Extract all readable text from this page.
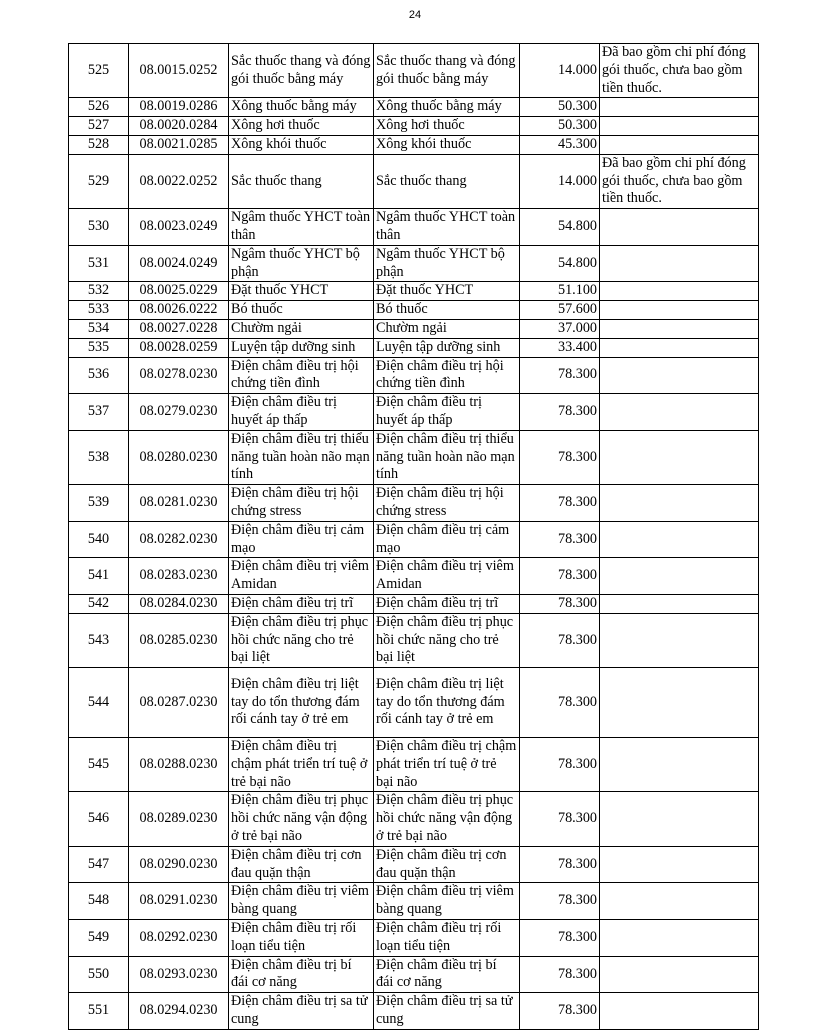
24
525	08.0015.0252	Sắc thuốc thang và đóng gói thuốc bằng máy	Sắc thuốc thang và đóng gói thuốc bằng máy	14.000	Đã bao gồm chi phí đóng gói thuốc, chưa bao gồm tiền thuốc.
526	08.0019.0286	Xông thuốc bằng máy	Xông thuốc bằng máy	50.300	
527	08.0020.0284	Xông hơi thuốc	Xông hơi thuốc	50.300	
528	08.0021.0285	Xông khói thuốc	Xông khói thuốc	45.300	
529	08.0022.0252	Sắc thuốc thang	Sắc thuốc thang	14.000	Đã bao gồm chi phí đóng gói thuốc, chưa bao gồm tiền thuốc.
530	08.0023.0249	Ngâm thuốc YHCT toàn thân	Ngâm thuốc YHCT toàn thân	54.800	
531	08.0024.0249	Ngâm thuốc YHCT bộ phận	Ngâm thuốc YHCT bộ phận	54.800	
532	08.0025.0229	Đặt thuốc YHCT	Đặt thuốc YHCT	51.100	
533	08.0026.0222	Bó thuốc	Bó thuốc	57.600	
534	08.0027.0228	Chườm ngải	Chườm ngải	37.000	
535	08.0028.0259	Luyện tập dưỡng sinh	Luyện tập dưỡng sinh	33.400	
536	08.0278.0230	Điện châm điều trị hội chứng tiền đình	Điện châm điều trị hội chứng tiền đình	78.300	
537	08.0279.0230	Điện châm điều trị huyết áp thấp	Điện châm điều trị huyết áp thấp	78.300	
538	08.0280.0230	Điện châm điều trị thiểu năng tuần hoàn não mạn tính	Điện châm điều trị thiểu năng tuần hoàn não mạn tính	78.300	
539	08.0281.0230	Điện châm điều trị hội chứng stress	Điện châm điều trị hội chứng stress	78.300	
540	08.0282.0230	Điện châm điều trị cảm mạo	Điện châm điều trị cảm mạo	78.300	
541	08.0283.0230	Điện châm điều trị viêm Amidan	Điện châm điều trị viêm Amidan	78.300	
542	08.0284.0230	Điện châm điều trị trĩ	Điện châm điều trị trĩ	78.300	
543	08.0285.0230	Điện châm điều trị phục hồi chức năng cho trẻ bại liệt	Điện châm điều trị phục hồi chức năng cho trẻ bại liệt	78.300	
544	08.0287.0230	Điện châm điều trị liệt tay do tổn thương đám rối cánh tay ở trẻ em	Điện châm điều trị liệt tay do tổn thương đám rối cánh tay ở trẻ em	78.300	
545	08.0288.0230	Điện châm điều trị chậm phát triển trí tuệ ở trẻ bại não	Điện châm điều trị chậm phát triển trí tuệ ở trẻ bại não	78.300	
546	08.0289.0230	Điện châm điều trị phục hồi chức năng vận động ở trẻ bại não	Điện châm điều trị phục hồi chức năng vận động ở trẻ bại não	78.300	
547	08.0290.0230	Điện châm điều trị cơn đau quặn thận	Điện châm điều trị cơn đau quặn thận	78.300	
548	08.0291.0230	Điện châm điều trị viêm bàng quang	Điện châm điều trị viêm bàng quang	78.300	
549	08.0292.0230	Điện châm điều trị rối loạn tiểu tiện	Điện châm điều trị rối loạn tiểu tiện	78.300	
550	08.0293.0230	Điện châm điều trị bí đái cơ năng	Điện châm điều trị bí đái cơ năng	78.300	
551	08.0294.0230	Điện châm điều trị sa tử cung	Điện châm điều trị sa tử cung	78.300	
